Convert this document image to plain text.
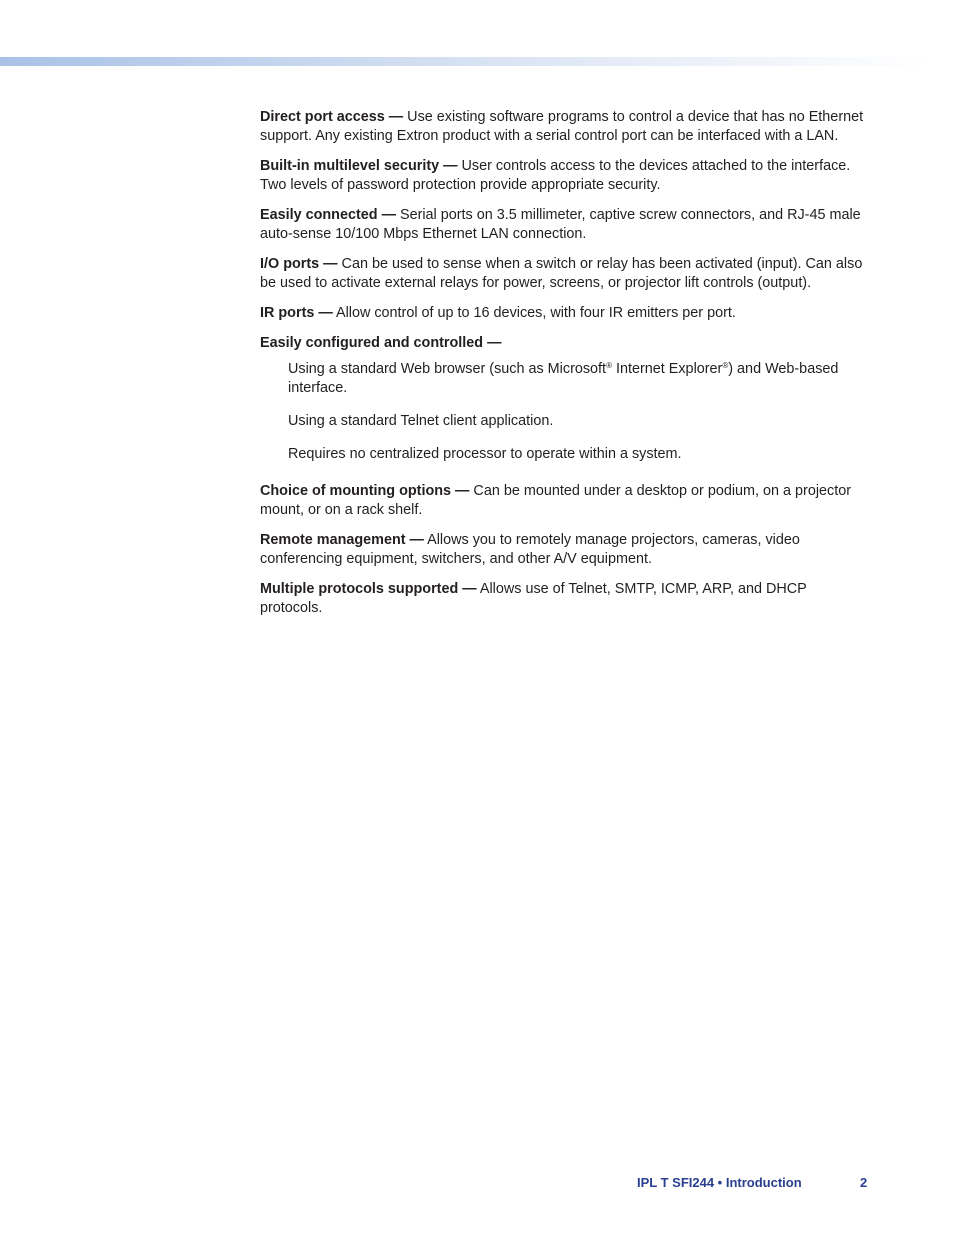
Direct port access — Use existing software programs to control a device that has no Ethernet support. Any existing Extron product with a serial control port can be interfaced with a LAN.

Built-in multilevel security — User controls access to the devices attached to the interface. Two levels of password protection provide appropriate security.

Easily connected — Serial ports on 3.5 millimeter, captive screw connectors, and RJ-45 male auto-sense 10/100 Mbps Ethernet LAN connection.

I/O ports — Can be used to sense when a switch or relay has been activated (input). Can also be used to activate external relays for power, screens, or projector lift controls (output).

IR ports — Allow control of up to 16 devices, with four IR emitters per port.

Easily configured and controlled —

Using a standard Web browser (such as Microsoft® Internet Explorer®) and Web-based interface.
Using a standard Telnet client application.
Requires no centralized processor to operate within a system.

Choice of mounting options — Can be mounted under a desktop or podium, on a projector mount, or on a rack shelf.

Remote management — Allows you to remotely manage projectors, cameras, video conferencing equipment, switchers, and other A/V equipment.

Multiple protocols supported — Allows use of Telnet, SMTP, ICMP, ARP, and DHCP protocols.

IPL T SFI244 • Introduction	2
